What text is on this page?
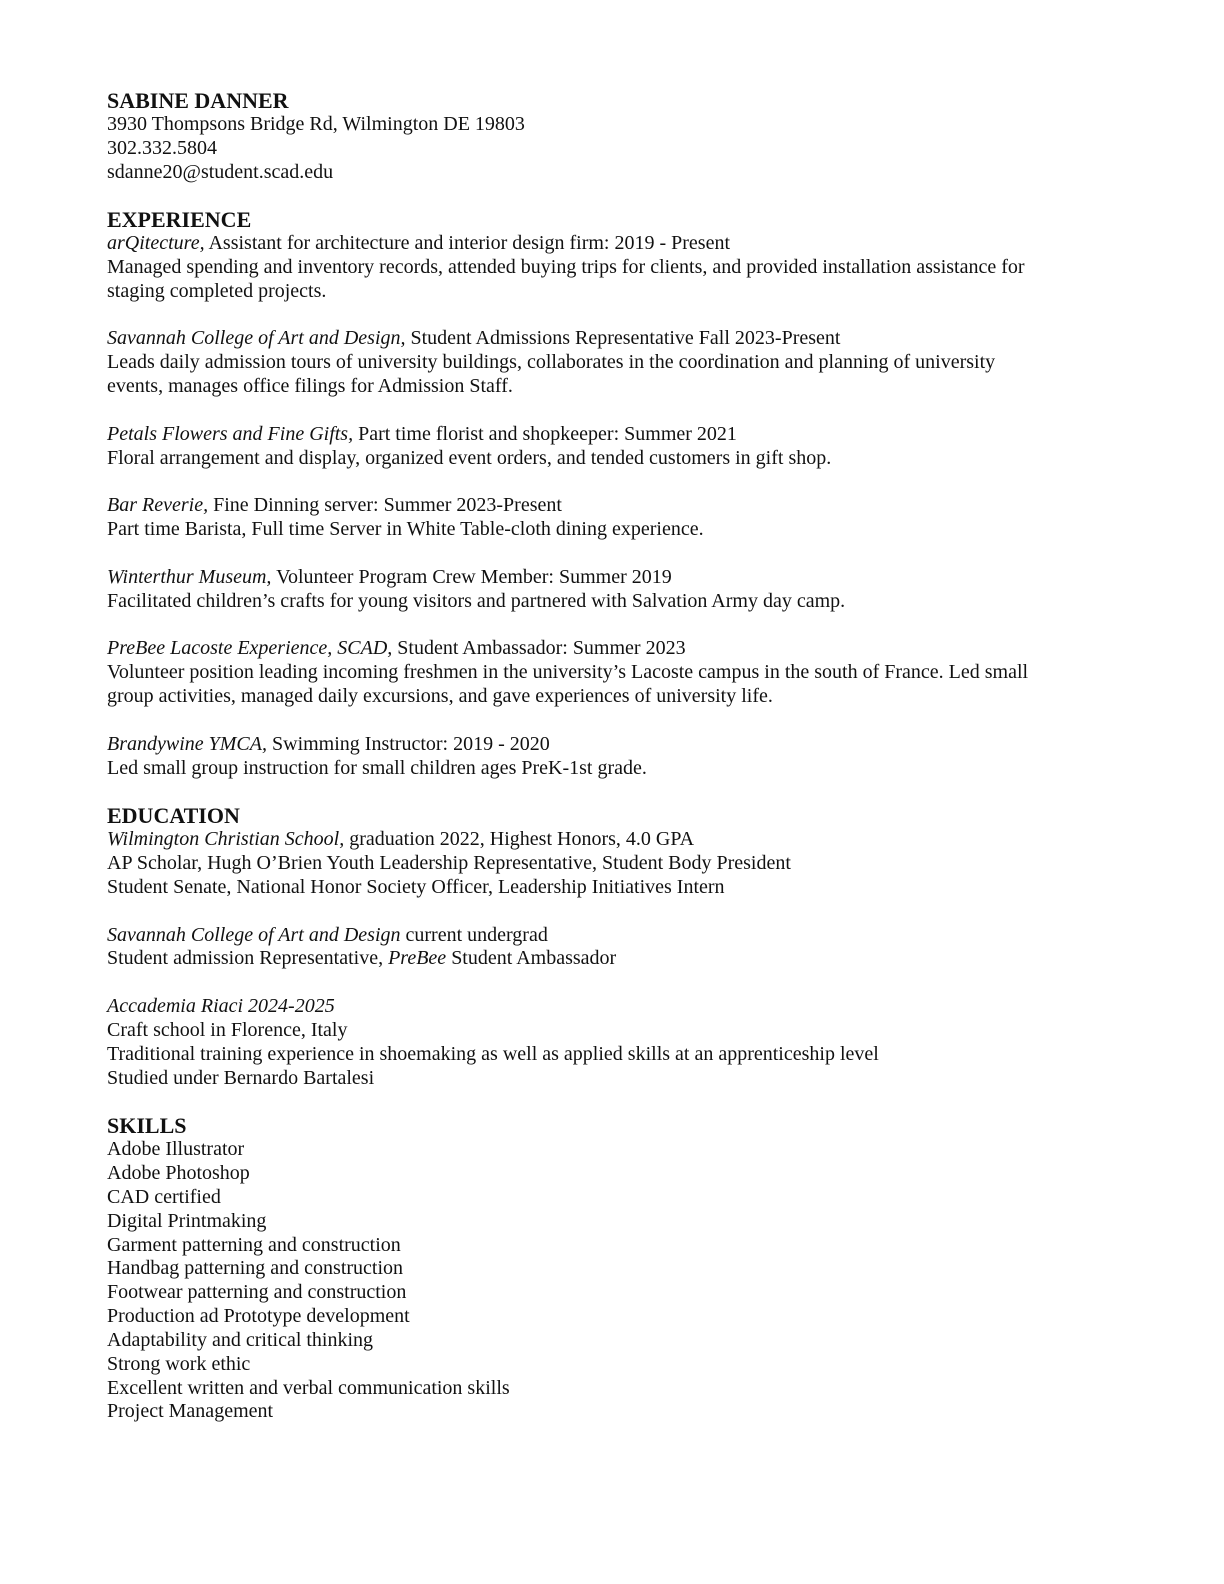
SABINE DANNER
3930 Thompsons Bridge Rd, Wilmington DE 19803
302.332.5804
sdanne20@student.scad.edu
EXPERIENCE
arQitecture, Assistant for architecture and interior design firm: 2019 - Present
Managed spending and inventory records, attended buying trips for clients, and provided installation assistance for
staging completed projects.
Savannah College of Art and Design, Student Admissions Representative Fall 2023-Present
Leads daily admission tours of university buildings, collaborates in the coordination and planning of university
events, manages office filings for Admission Staff.
Petals Flowers and Fine Gifts, Part time florist and shopkeeper: Summer 2021
Floral arrangement and display, organized event orders, and tended customers in gift shop.
Bar Reverie, Fine Dinning server: Summer 2023-Present
Part time Barista, Full time Server in White Table-cloth dining experience.
Winterthur Museum, Volunteer Program Crew Member: Summer 2019
Facilitated children’s crafts for young visitors and partnered with Salvation Army day camp.
PreBee Lacoste Experience, SCAD, Student Ambassador: Summer 2023
Volunteer position leading incoming freshmen in the university’s Lacoste campus in the south of France. Led small
group activities, managed daily excursions, and gave experiences of university life.
Brandywine YMCA, Swimming Instructor: 2019 - 2020
Led small group instruction for small children ages PreK-1st grade.
EDUCATION
Wilmington Christian School, graduation 2022, Highest Honors, 4.0 GPA
AP Scholar, Hugh O’Brien Youth Leadership Representative, Student Body President
Student Senate, National Honor Society Officer, Leadership Initiatives Intern
Savannah College of Art and Design current undergrad
Student admission Representative, PreBee Student Ambassador
Accademia Riaci 2024-2025
Craft school in Florence, Italy
Traditional training experience in shoemaking as well as applied skills at an apprenticeship level
Studied under Bernardo Bartalesi
SKILLS
Adobe Illustrator
Adobe Photoshop
CAD certified
Digital Printmaking
Garment patterning and construction
Handbag patterning and construction
Footwear patterning and construction
Production ad Prototype development
Adaptability and critical thinking
Strong work ethic
Excellent written and verbal communication skills
Project Management
